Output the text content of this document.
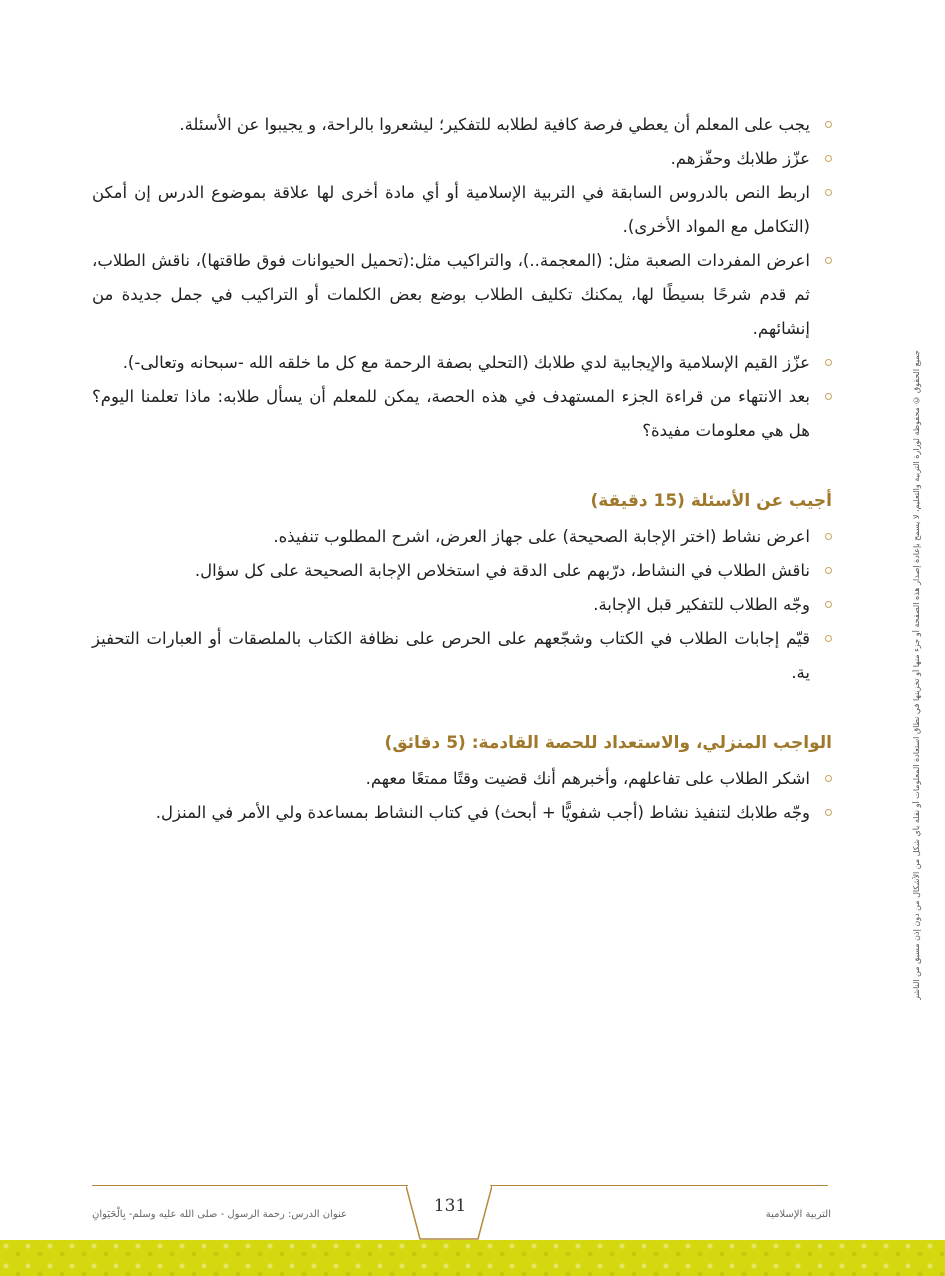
يجب على المعلم أن يعطي فرصة كافية لطلابه للتفكير؛ ليشعروا بالراحة، و يجيبوا عن الأسئلة.
عزّز طلابك وحفّزهم.
اربط النص بالدروس السابقة في التربية الإسلامية أو أي مادة أخرى لها علاقة بموضوع الدرس إن أمكن (التكامل مع المواد الأخرى).
اعرض المفردات الصعبة مثل: (المعجمة..)، والتراكيب مثل:(تحميل الحيوانات فوق طاقتها)، ناقش الطلاب، ثم قدم شرحًا بسيطًا لها، يمكنك تكليف الطلاب بوضع بعض الكلمات أو التراكيب في جمل جديدة من إنشائهم.
عزّز القيم الإسلامية والإيجابية لدي طلابك (التحلي بصفة الرحمة مع كل ما خلقه الله -سبحانه وتعالى-).
بعد الانتهاء من قراءة الجزء المستهدف في هذه الحصة، يمكن للمعلم أن يسأل طلابه: ماذا تعلمنا اليوم؟ هل هي معلومات مفيدة؟
أجيب عن الأسئلة (15 دقيقة)
اعرض نشاط (اختر الإجابة الصحيحة) على جهاز العرض، اشرح المطلوب تنفيذه.
ناقش الطلاب في النشاط، درّبهم على الدقة في استخلاص الإجابة الصحيحة على كل سؤال.
وجّه الطلاب للتفكير قبل الإجابة.
قيّم إجابات الطلاب في الكتاب وشجّعهم على الحرص على نظافة الكتاب بالملصقات أو العبارات التحفيز ية.
الواجب المنزلي، والاستعداد للحصة القادمة: (5 دقائق)
اشكر الطلاب على تفاعلهم، وأخبرهم أنك قضيت وقتًا ممتعًا معهم.
وجّه طلابك لتنفيذ نشاط (أجب شفويًّا + أبحث) في كتاب النشاط بمساعدة ولي الأمر في المنزل.	جميع الحقوق © محفوظة لوزارة التربية والتعليم، لا يسمح بإعادة إصدار هذه الصفحة أو جزء منها أو تخزينها في نطاق استعادة المعلومات أو نقله بأي شكل من الأشكال من دون إذن مسبق من الناشر
131	التربية الإسلامية
عنوان الدرس: رحمة الرسول - صلى الله عليه وسلم- بِالْحَيَوانِ
